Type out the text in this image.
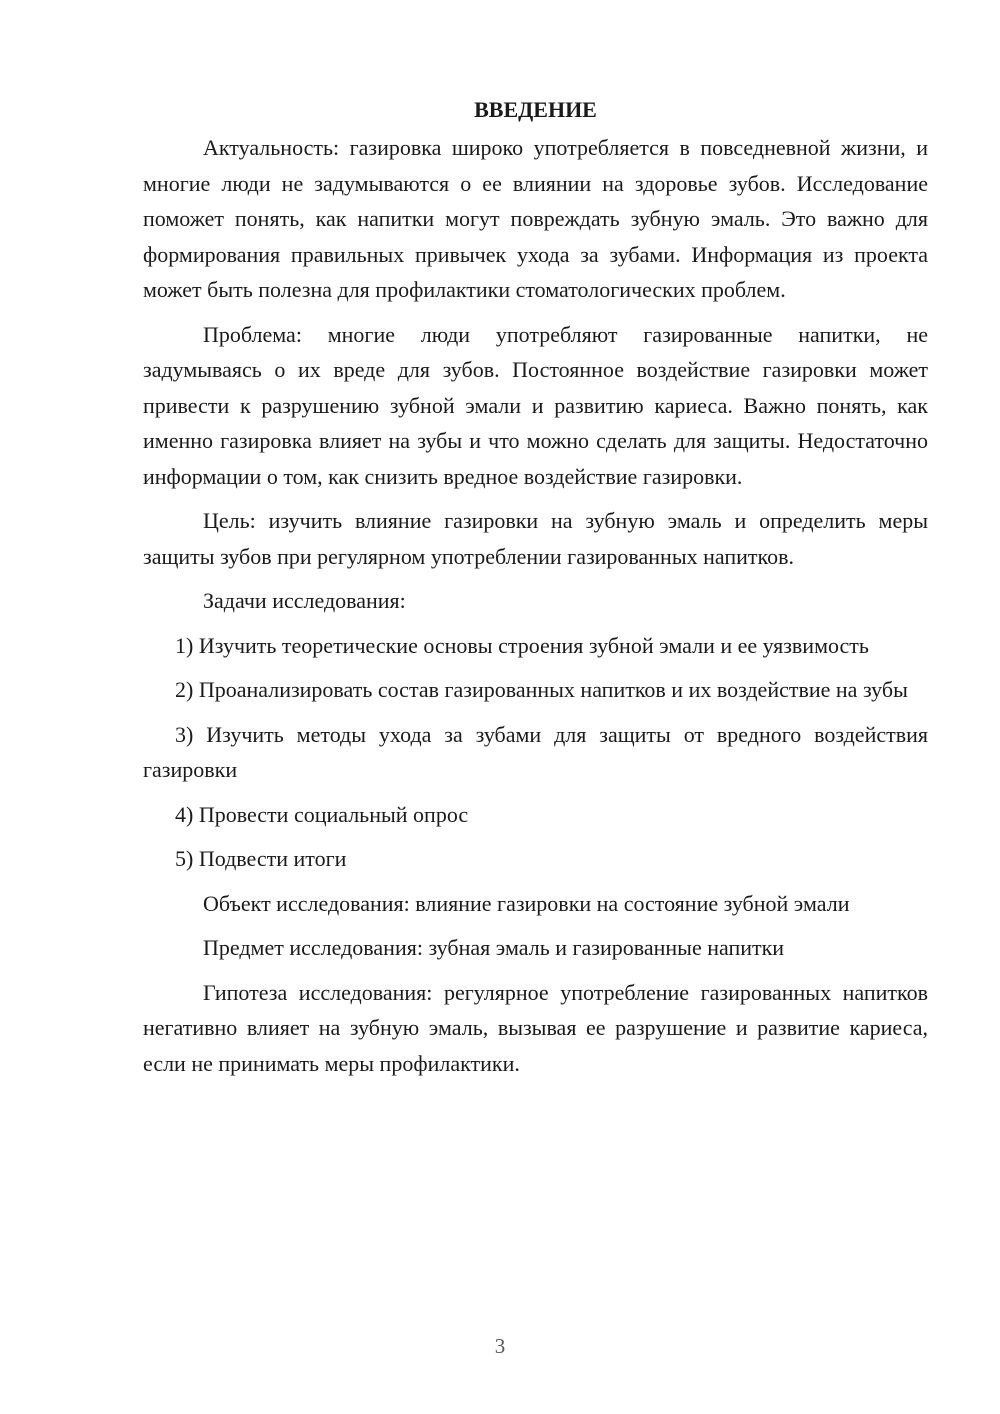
ВВЕДЕНИЕ

Актуальность: газировка широко употребляется в повседневной жизни, и многие люди не задумываются о ее влиянии на здоровье зубов. Исследование поможет понять, как напитки могут повреждать зубную эмаль. Это важно для формирования правильных привычек ухода за зубами. Информация из проекта может быть полезна для профилактики стоматологических проблем.

Проблема: многие люди употребляют газированные напитки, не задумываясь о их вреде для зубов. Постоянное воздействие газировки может привести к разрушению зубной эмали и развитию кариеса. Важно понять, как именно газировка влияет на зубы и что можно сделать для защиты. Недостаточно информации о том, как снизить вредное воздействие газировки.

Цель: изучить влияние газировки на зубную эмаль и определить меры защиты зубов при регулярном употреблении газированных напитков.

Задачи исследования:

1) Изучить теоретические основы строения зубной эмали и ее уязвимость

2) Проанализировать состав газированных напитков и их воздействие на зубы

3) Изучить методы ухода за зубами для защиты от вредного воздействия газировки

4) Провести социальный опрос

5) Подвести итоги

Объект исследования: влияние газировки на состояние зубной эмали

Предмет исследования: зубная эмаль и газированные напитки

Гипотеза исследования: регулярное употребление газированных напитков негативно влияет на зубную эмаль, вызывая ее разрушение и развитие кариеса, если не принимать меры профилактики.

3
